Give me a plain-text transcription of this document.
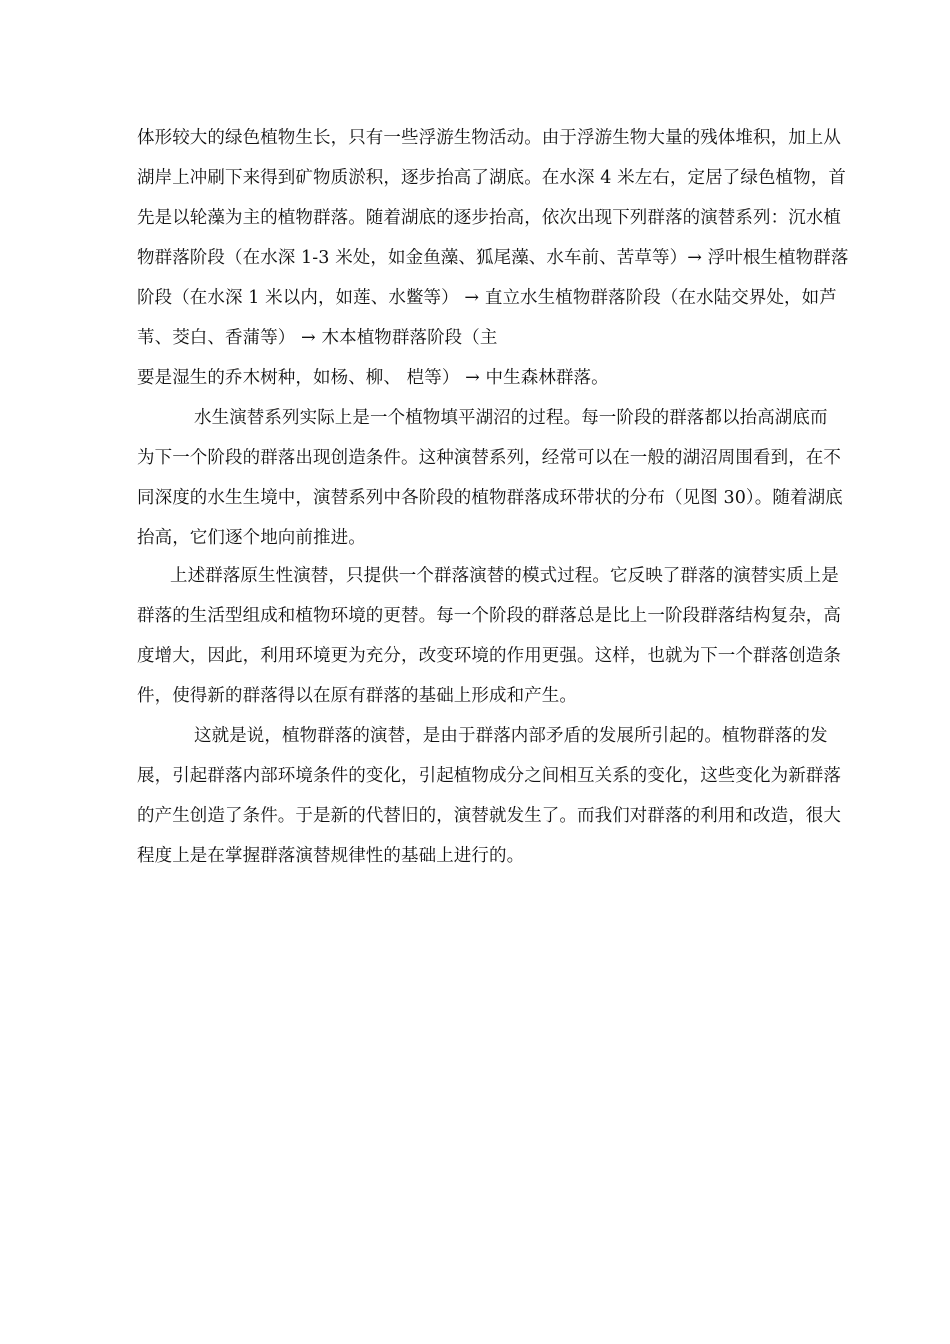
体形较大的绿色植物生长，只有一些浮游生物活动。由于浮游生物大量的残体堆积，加上从
湖岸上冲刷下来得到矿物质淤积，逐步抬高了湖底。在水深 4 米左右，定居了绿色植物，首
先是以轮藻为主的植物群落。随着湖底的逐步抬高，依次出现下列群落的演替系列：沉水植
物群落阶段（在水深 1-3 米处，如金鱼藻、狐尾藻、水车前、苦草等）→ 浮叶根生植物群落
阶段（在水深 1 米以内，如莲、水鳖等） → 直立水生植物群落阶段（在水陆交界处，如芦
苇、茭白、香蒲等） → 木本植物群落阶段（主
要是湿生的乔木树种，如杨、柳、 桤等） → 中生森林群落。
水生演替系列实际上是一个植物填平湖沼的过程。每一阶段的群落都以抬高湖底而
为下一个阶段的群落出现创造条件。这种演替系列，经常可以在一般的湖沼周围看到，在不
同深度的水生生境中，演替系列中各阶段的植物群落成环带状的分布（见图 30）。随着湖底
抬高，它们逐个地向前推进。
上述群落原生性演替，只提供一个群落演替的模式过程。它反映了群落的演替实质上是
群落的生活型组成和植物环境的更替。每一个阶段的群落总是比上一阶段群落结构复杂，高
度增大，因此，利用环境更为充分，改变环境的作用更强。这样，也就为下一个群落创造条
件，使得新的群落得以在原有群落的基础上形成和产生。
这就是说，植物群落的演替，是由于群落内部矛盾的发展所引起的。植物群落的发
展，引起群落内部环境条件的变化，引起植物成分之间相互关系的变化，这些变化为新群落
的产生创造了条件。于是新的代替旧的，演替就发生了。而我们对群落的利用和改造，很大
程度上是在掌握群落演替规律性的基础上进行的。
